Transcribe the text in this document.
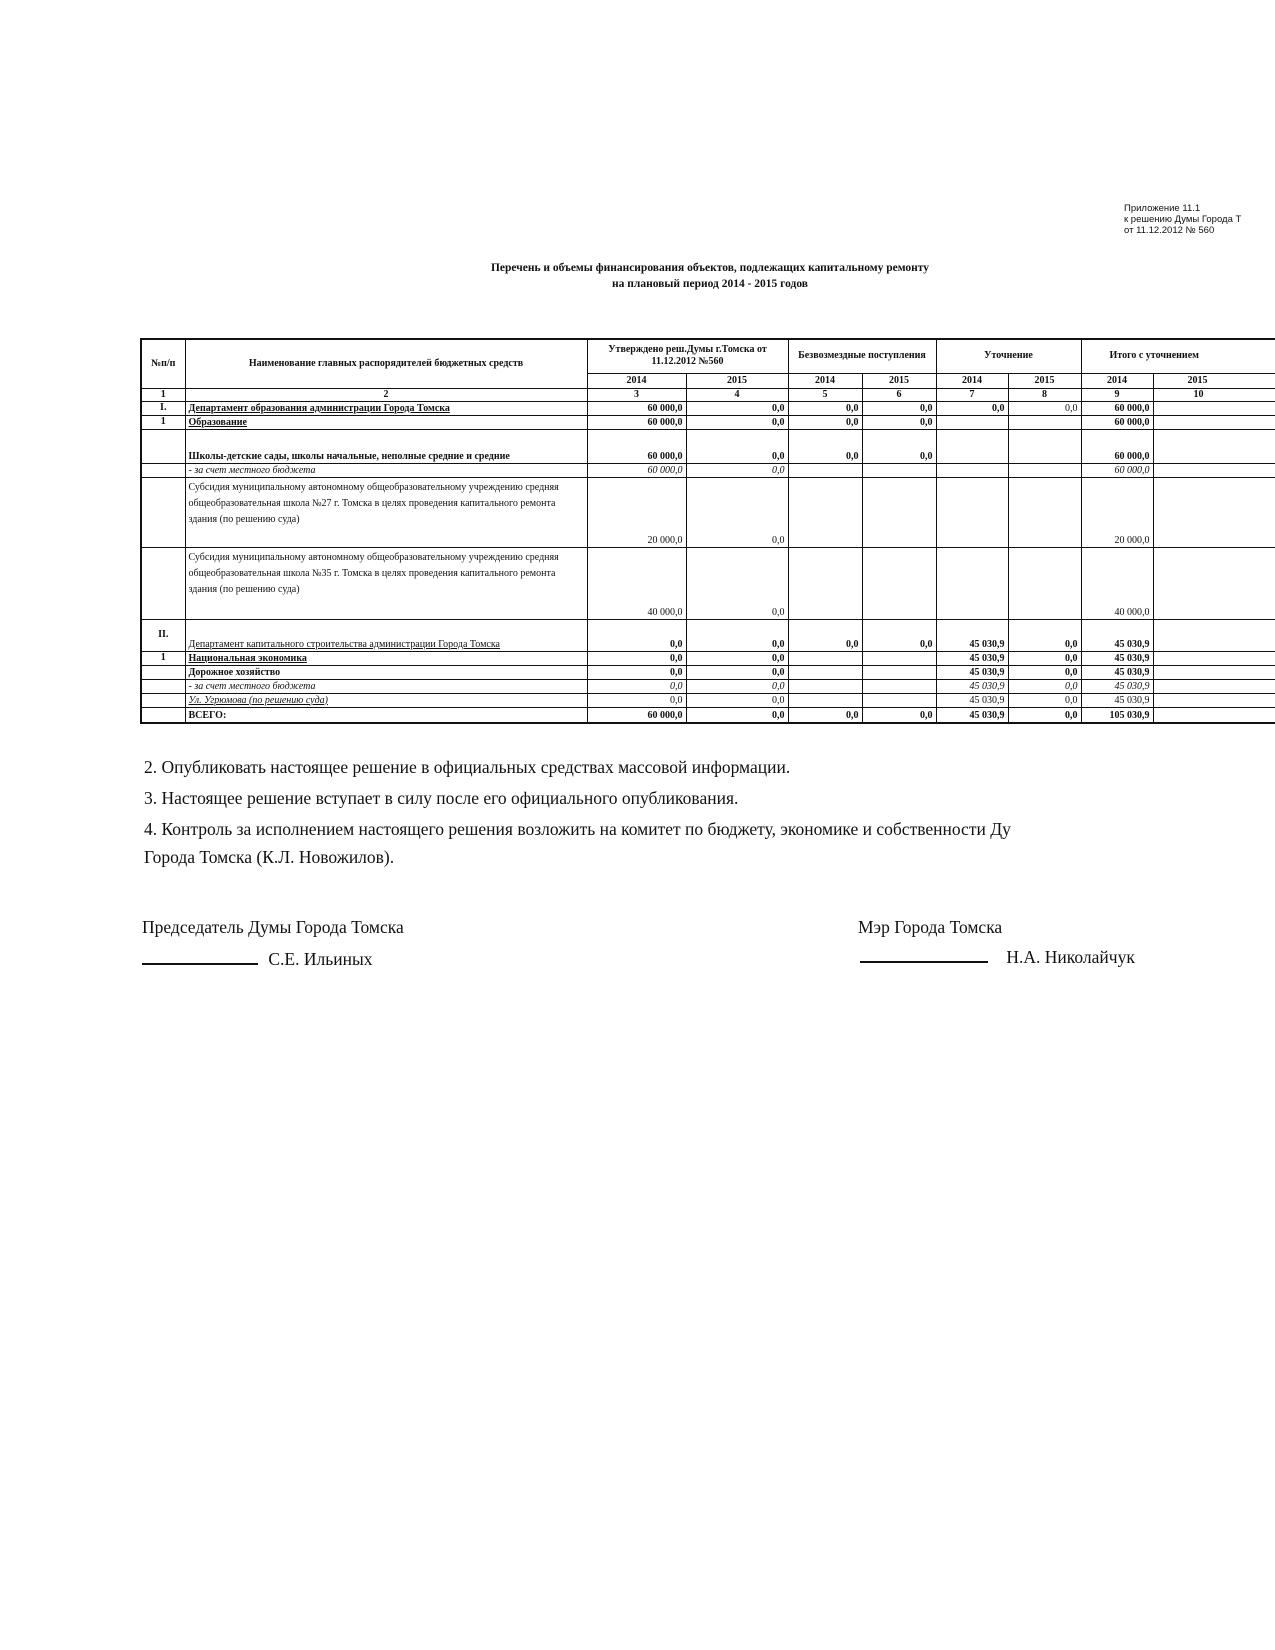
Приложение 11.1
к решению Думы Города Т
от 11.12.2012 № 560
Перечень и объемы финансирования объектов, подлежащих капитальному ремонту
на плановый период 2014 - 2015 годов
№п/п	Наименование главных распорядителей бюджетных средств	Утверждено реш.Думы г.Томска от 11.12.2012 №560		Безвозмездные поступления		Уточнение		Итого с уточнением	
		2014	2015	2014	2015	2014	2015	2014	2015
1	2	3	4	5	6	7	8	9	10
I.	Департамент образования администрации Города Томска	60 000,0	0,0	0,0	0,0	0,0	0,0	60 000,0	
1	Образование	60 000,0	0,0	0,0	0,0			60 000,0	
	Школы-детские сады, школы начальные, неполные средние и средние	60 000,0	0,0	0,0	0,0			60 000,0	
	- за счет местного бюджета	60 000,0	0,0					60 000,0	
	Субсидия муниципальному автономному общеобразовательному учреждению средняя общеобразовательная школа №27 г. Томска в целях проведения капитального ремонта здания (по решению суда)	20 000,0	0,0					20 000,0	
	Субсидия муниципальному автономному общеобразовательному учреждению средняя общеобразовательная школа №35 г. Томска в целях проведения капитального ремонта здания (по решению суда)	40 000,0	0,0					40 000,0	
II.	Департамент капитального строительства администрации Города Томска	0,0	0,0	0,0	0,0	45 030,9	0,0	45 030,9	
1	Национальная экономика	0,0	0,0			45 030,9	0,0	45 030,9	
	Дорожное хозяйство	0,0	0,0			45 030,9	0,0	45 030,9	
	- за счет местного бюджета	0,0	0,0			45 030,9	0,0	45 030,9	
	Ул. Угрюмова (по решению суда)	0,0	0,0			45 030,9	0,0	45 030,9	
	ВСЕГО:	60 000,0	0,0	0,0	0,0	45 030,9	0,0	105 030,9	
2. Опубликовать настоящее решение в официальных средствах массовой информации.
3. Настоящее решение вступает в силу после его официального опубликования.
4. Контроль за исполнением настоящего решения возложить на комитет по бюджету, экономике и собственности Ду
Города Томска (К.Л. Новожилов).
Председатель Думы Города Томска
С.Е. Ильиных
Мэр Города Томска
Н.А. Николайчук
